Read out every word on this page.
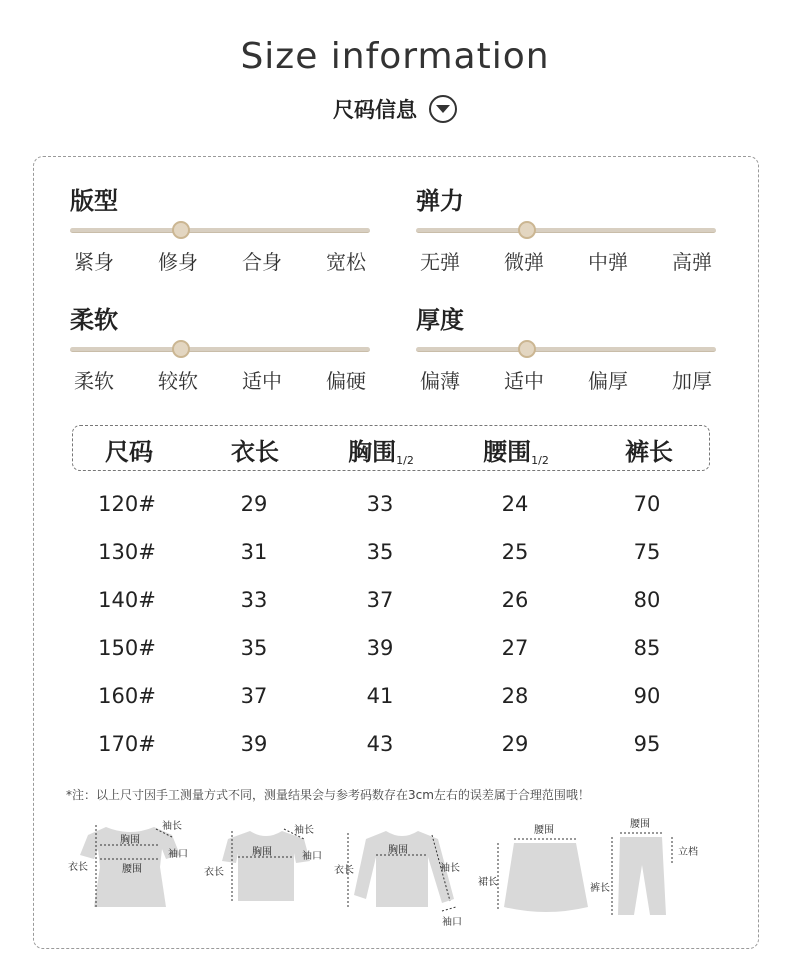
Size information
尺码信息
版型
紧身 修身 合身 宽松
弹力
无弹 微弹 中弹 高弹
柔软
柔软 较软 适中 偏硬
厚度
偏薄 适中 偏厚 加厚
尺码	衣长	胸围$_{1/2}$	腰围$_{1/2}$	裤长
120#	29	33	24	70
130#	31	35	25	75
140#	33	37	26	80
150#	35	39	27	85
160#	37	41	28	90
170#	39	43	29	95
*注：以上尺寸因手工测量方式不同，测量结果会与参考码数存在3cm左右的误差属于合理范围哦！
胸围
腰围
衣长
袖长
袖口	胸围
衣长
袖长
袖口
胸围
衣长	袖长
袖口
腰围
裙长
腰围
裤长
立档
